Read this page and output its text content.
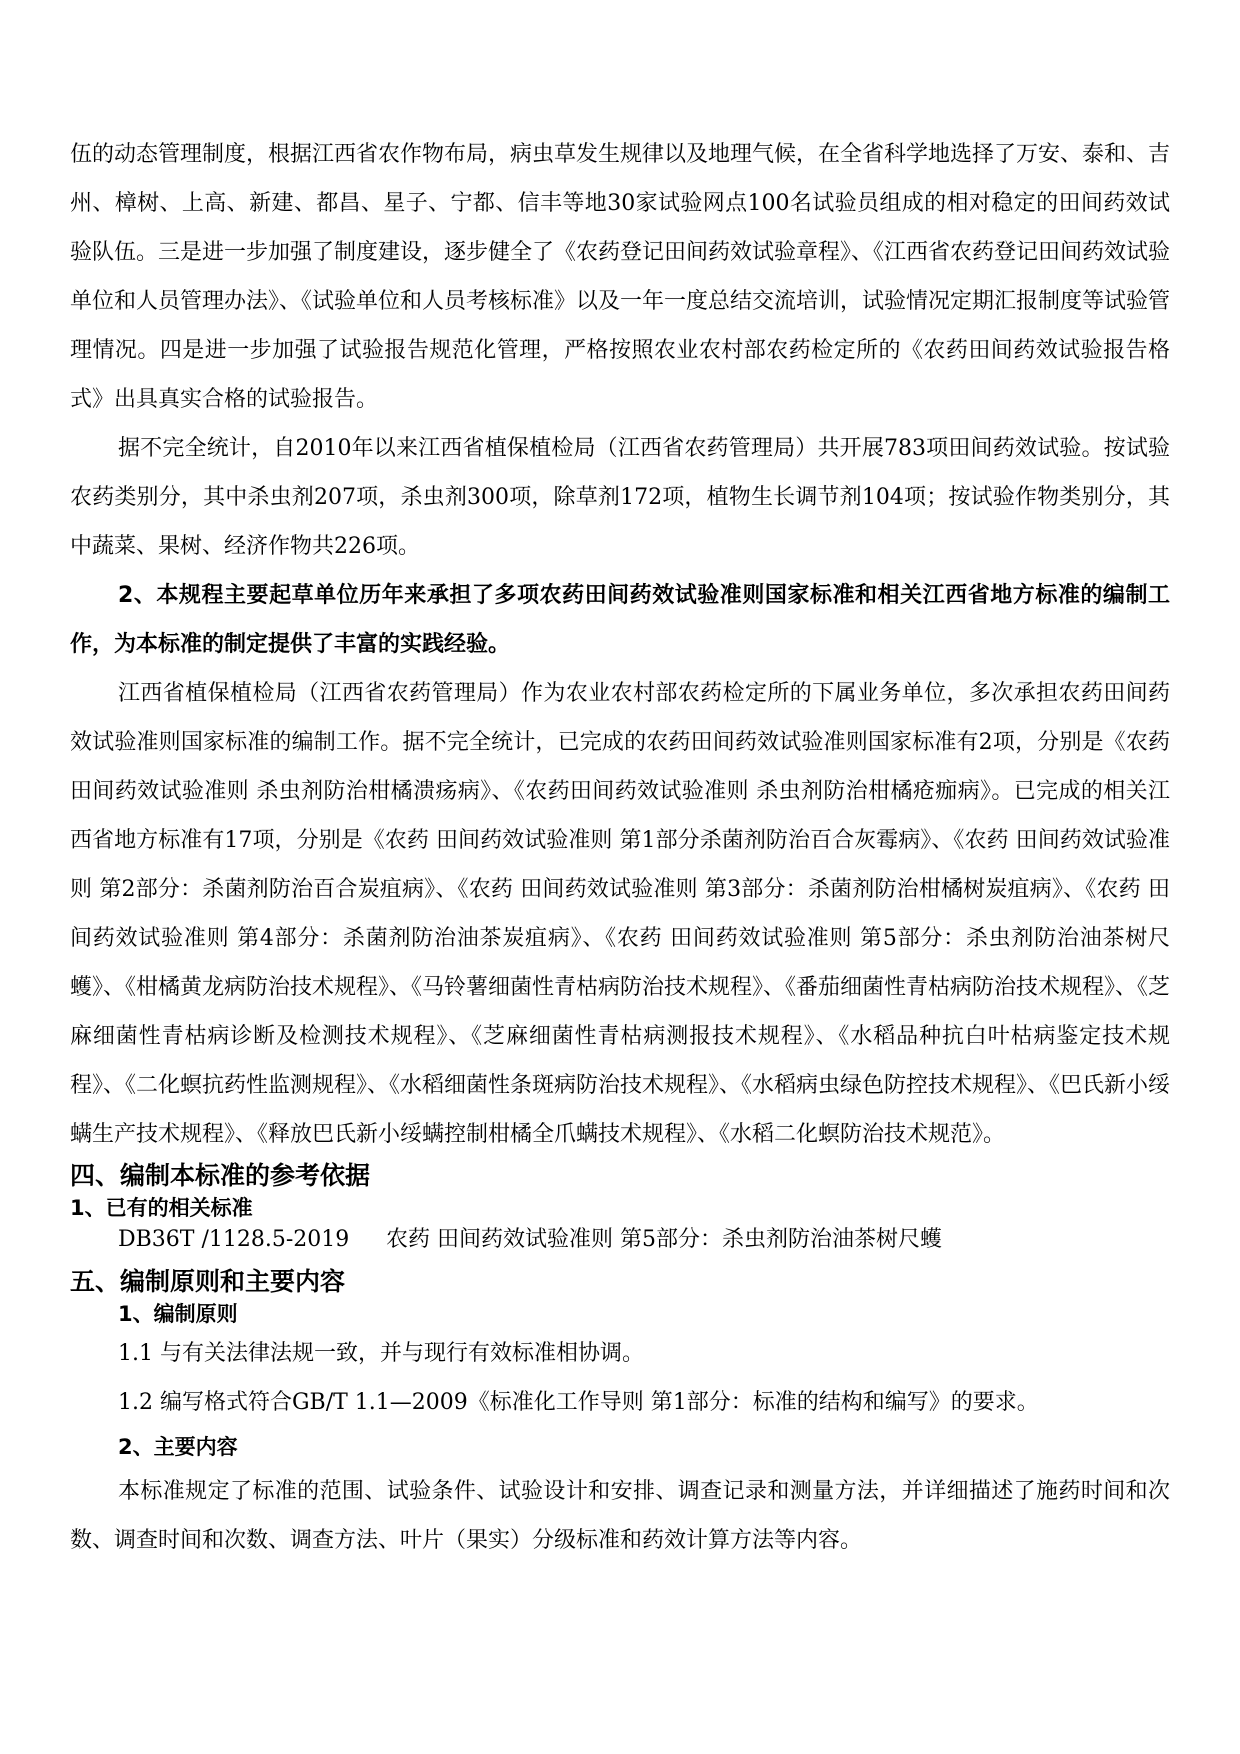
伍的动态管理制度，根据江西省农作物布局，病虫草发生规律以及地理气候，在全省科学地选择了万安、泰和、吉州、樟树、上高、新建、都昌、星子、宁都、信丰等地30家试验网点100名试验员组成的相对稳定的田间药效试验队伍。三是进一步加强了制度建设，逐步健全了《农药登记田间药效试验章程》、《江西省农药登记田间药效试验单位和人员管理办法》、《试验单位和人员考核标准》以及一年一度总结交流培训，试验情况定期汇报制度等试验管理情况。四是进一步加强了试验报告规范化管理，严格按照农业农村部农药检定所的《农药田间药效试验报告格式》出具真实合格的试验报告。

据不完全统计，自2010年以来江西省植保植检局（江西省农药管理局）共开展783项田间药效试验。按试验农药类别分，其中杀虫剂207项，杀虫剂300项，除草剂172项，植物生长调节剂104项；按试验作物类别分，其中蔬菜、果树、经济作物共226项。

2、本规程主要起草单位历年来承担了多项农药田间药效试验准则国家标准和相关江西省地方标准的编制工作，为本标准的制定提供了丰富的实践经验。

江西省植保植检局（江西省农药管理局）作为农业农村部农药检定所的下属业务单位，多次承担农药田间药效试验准则国家标准的编制工作。据不完全统计，已完成的农药田间药效试验准则国家标准有2项，分别是《农药田间药效试验准则 杀虫剂防治柑橘溃疡病》、《农药田间药效试验准则 杀虫剂防治柑橘疮痂病》。已完成的相关江西省地方标准有17项，分别是《农药 田间药效试验准则 第1部分杀菌剂防治百合灰霉病》、《农药 田间药效试验准则 第2部分：杀菌剂防治百合炭疽病》、《农药 田间药效试验准则 第3部分：杀菌剂防治柑橘树炭疽病》、《农药 田间药效试验准则 第4部分：杀菌剂防治油茶炭疽病》、《农药 田间药效试验准则 第5部分：杀虫剂防治油茶树尺蠖》、《柑橘黄龙病防治技术规程》、《马铃薯细菌性青枯病防治技术规程》、《番茄细菌性青枯病防治技术规程》、《芝麻细菌性青枯病诊断及检测技术规程》、《芝麻细菌性青枯病测报技术规程》、《水稻品种抗白叶枯病鉴定技术规程》、《二化螟抗药性监测规程》、《水稻细菌性条斑病防治技术规程》、《水稻病虫绿色防控技术规程》、《巴氏新小绥螨生产技术规程》、《释放巴氏新小绥螨控制柑橘全爪螨技术规程》、《水稻二化螟防治技术规范》。

四、编制本标准的参考依据

1、已有的相关标准

DB36T /1128.5-2019 农药 田间药效试验准则 第5部分：杀虫剂防治油茶树尺蠖

五、编制原则和主要内容

1、编制原则

1.1 与有关法律法规一致，并与现行有效标准相协调。

1.2 编写格式符合GB/T 1.1—2009《标准化工作导则 第1部分：标准的结构和编写》的要求。

2、主要内容

本标准规定了标准的范围、试验条件、试验设计和安排、调查记录和测量方法，并详细描述了施药时间和次数、调查时间和次数、调查方法、叶片（果实）分级标准和药效计算方法等内容。
